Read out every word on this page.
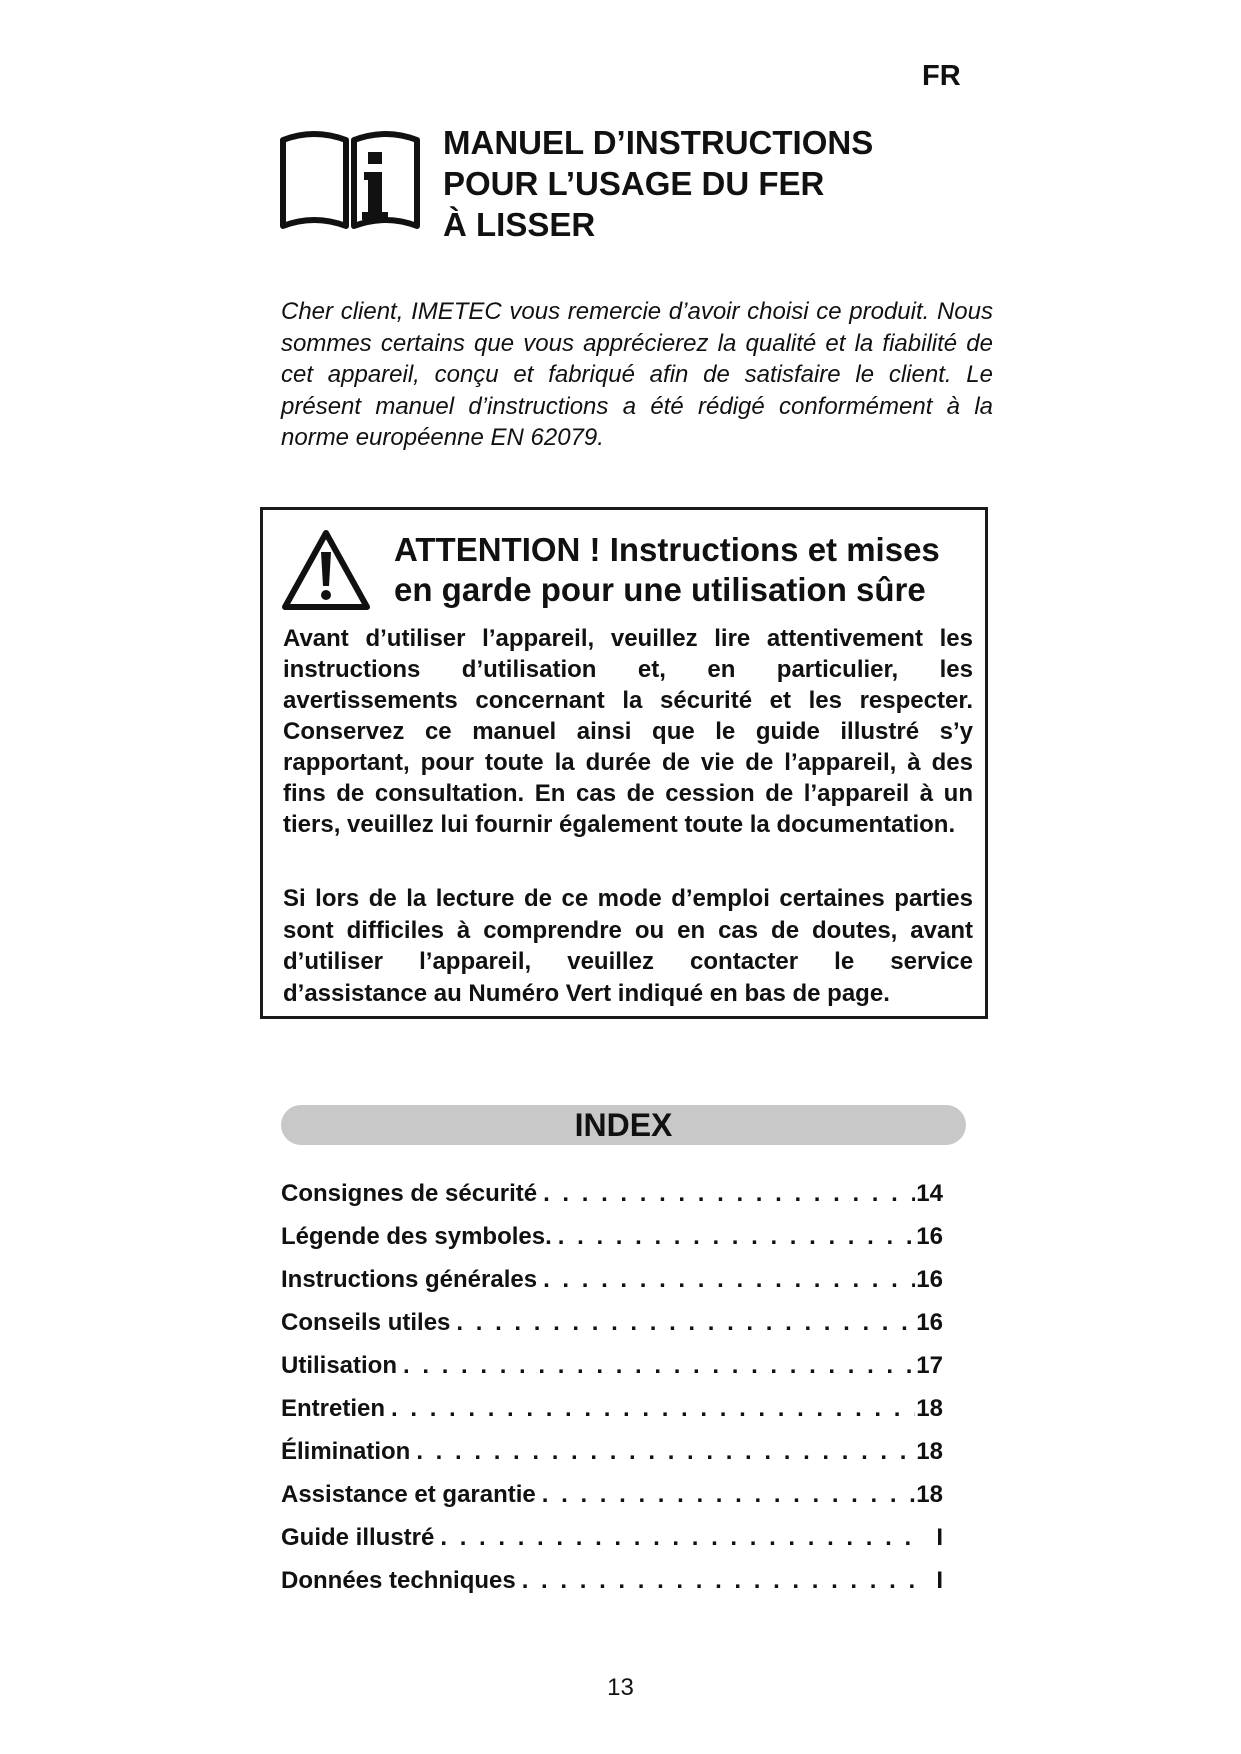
FR
MANUEL D’INSTRUCTIONS
POUR L’USAGE DU FER
À LISSER
Cher client, IMETEC vous remercie d’avoir choisi ce produit. Nous sommes certains que vous apprécierez la qualité et la fiabilité de cet appareil, conçu et fabriqué afin de satisfaire le client. Le présent manuel d’instructions a été rédigé conformément à la norme européenne EN 62079.
ATTENTION ! Instructions et mises
en garde pour une utilisation sûre
Avant d’utiliser l’appareil, veuillez lire attentivement les instructions d’utilisation et, en particulier, les avertissements concernant la sécurité et les respecter. Conservez ce manuel ainsi que le guide illustré s’y rapportant, pour toute la durée de vie de l’appareil, à des fins de consultation. En cas de cession de l’appareil à un tiers, veuillez lui fournir également toute la documentation.
Si lors de la lecture de ce mode d’emploi certaines parties sont difficiles à comprendre ou en cas de doutes, avant d’utiliser l’appareil, veuillez contacter le service d’assistance au Numéro Vert indiqué en bas de page.
INDEX
Consignes de sécurité . . .	14
Légende des symboles. . . .	16
Instructions générales . . .	16
Conseils utiles . . .	16
Utilisation . . .	17
Entretien . . .	18
Élimination . . .	18
Assistance et garantie . . .	18
Guide illustré . . .	I
Données techniques . . .	I
13
